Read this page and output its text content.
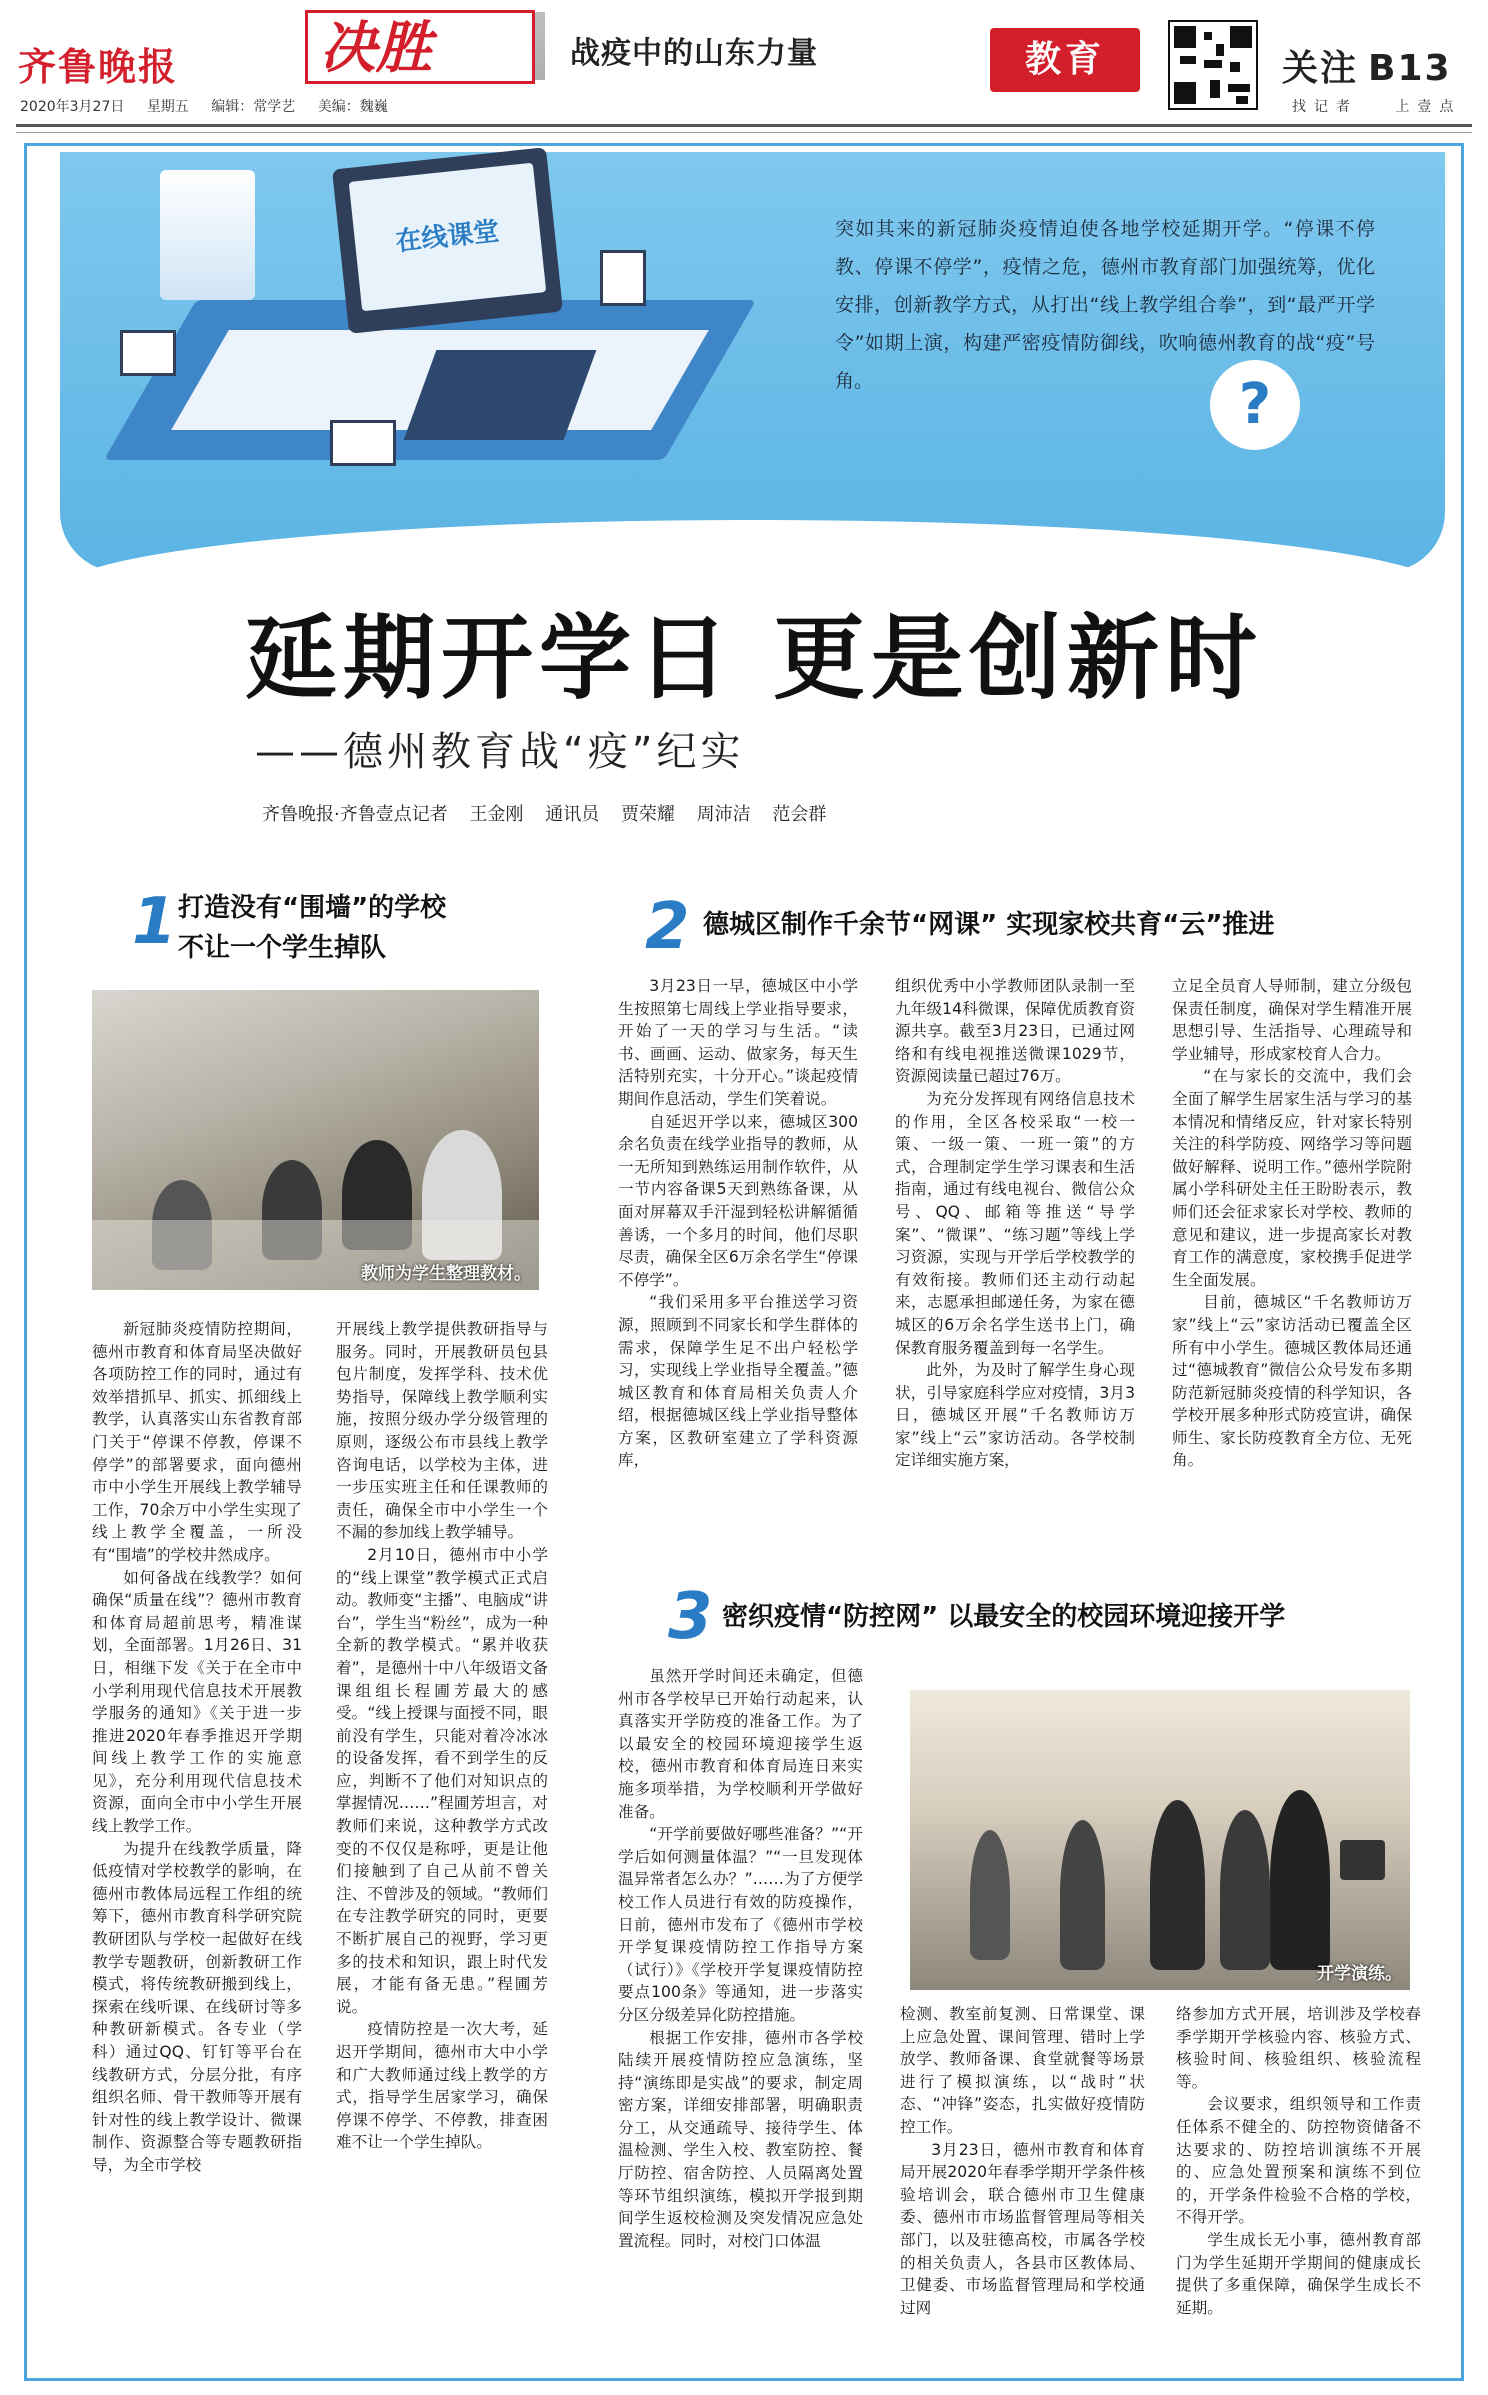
齐鲁晚报
2020年3月27日 星期五 编辑：常学艺 美编：魏巍
决胜	战疫中的山东力量	教育	关注 B13
找记者	上壹点
在线课堂
?
突如其来的新冠肺炎疫情迫使各地学校延期开学。“停课不停教、停课不停学”，疫情之危，德州市教育部门加强统筹，优化安排，创新教学方式，从打出“线上教学组合拳”，到“最严开学令”如期上演，构建严密疫情防御线，吹响德州教育的战“疫”号角。
延期开学日 更是创新时
——德州教育战“疫”纪实
齐鲁晚报·齐鲁壹点记者 王金刚 通讯员 贾荣耀 周沛洁 范会群
1 打造没有“围墙”的学校
不让一个学生掉队
教师为学生整理教材。

新冠肺炎疫情防控期间，德州市教育和体育局坚决做好各项防控工作的同时，通过有效举措抓早、抓实、抓细线上教学，认真落实山东省教育部门关于“停课不停教，停课不停学”的部署要求，面向德州市中小学生开展线上教学辅导工作，70余万中小学生实现了线上教学全覆盖，一所没有“围墙”的学校井然成序。

如何备战在线教学？如何确保“质量在线”？德州市教育和体育局超前思考，精准谋划，全面部署。1月26日、31日，相继下发《关于在全市中小学利用现代信息技术开展教学服务的通知》《关于进一步推进2020年春季推迟开学期间线上教学工作的实施意见》，充分利用现代信息技术资源，面向全市中小学生开展线上教学工作。

为提升在线教学质量，降低疫情对学校教学的影响，在德州市教体局远程工作组的统筹下，德州市教育科学研究院教研团队与学校一起做好在线教学专题教研，创新教研工作模式，将传统教研搬到线上，探索在线听课、在线研讨等多种教研新模式。各专业（学科）通过QQ、钉钉等平台在线教研方式，分层分批，有序组织名师、骨干教师等开展有针对性的线上教学设计、微课制作、资源整合等专题教研指导，为全市学校

开展线上教学提供教研指导与服务。同时，开展教研员包县包片制度，发挥学科、技术优势指导，保障线上教学顺利实施，按照分级办学分级管理的原则，逐级公布市县线上教学咨询电话，以学校为主体，进一步压实班主任和任课教师的责任，确保全市中小学生一个不漏的参加线上教学辅导。

2月10日，德州市中小学的“线上课堂”教学模式正式启动。教师变“主播”、电脑成“讲台”，学生当“粉丝”，成为一种全新的教学模式。“累并收获着”，是德州十中八年级语文备课组组长程圃芳最大的感受。“线上授课与面授不同，眼前没有学生，只能对着冷冰冰的设备发挥，看不到学生的反应，判断不了他们对知识点的掌握情况……”程圃芳坦言，对教师们来说，这种教学方式改变的不仅仅是称呼，更是让他们接触到了自己从前不曾关注、不曾涉及的领域。“教师们在专注教学研究的同时，更要不断扩展自己的视野，学习更多的技术和知识，跟上时代发展，才能有备无患。”程圃芳说。

疫情防控是一次大考，延迟开学期间，德州市大中小学和广大教师通过线上教学的方式，指导学生居家学习，确保停课不停学、不停教，排查困难不让一个学生掉队。

2 德城区制作千余节“网课” 实现家校共育“云”推进

3月23日一早，德城区中小学生按照第七周线上学业指导要求，开始了一天的学习与生活。“读书、画画、运动、做家务，每天生活特别充实，十分开心。”谈起疫情期间作息活动，学生们笑着说。

自延迟开学以来，德城区300余名负责在线学业指导的教师，从一无所知到熟练运用制作软件，从一节内容备课5天到熟练备课，从面对屏幕双手汗湿到轻松讲解循循善诱，一个多月的时间，他们尽职尽责，确保全区6万余名学生“停课不停学”。

“我们采用多平台推送学习资源，照顾到不同家长和学生群体的需求，保障学生足不出户轻松学习，实现线上学业指导全覆盖。”德城区教育和体育局相关负责人介绍，根据德城区线上学业指导整体方案，区教研室建立了学科资源库，

组织优秀中小学教师团队录制一至九年级14科微课，保障优质教育资源共享。截至3月23日，已通过网络和有线电视推送微课1029节，资源阅读量已超过76万。

为充分发挥现有网络信息技术的作用，全区各校采取“一校一策、一级一策、一班一策”的方式，合理制定学生学习课表和生活指南，通过有线电视台、微信公众号、QQ、邮箱等推送“导学案”、“微课”、“练习题”等线上学习资源，实现与开学后学校教学的有效衔接。教师们还主动行动起来，志愿承担邮递任务，为家在德城区的6万余名学生送书上门，确保教育服务覆盖到每一名学生。

此外，为及时了解学生身心现状，引导家庭科学应对疫情，3月3日，德城区开展“千名教师访万家”线上“云”家访活动。各学校制定详细实施方案，

立足全员育人导师制，建立分级包保责任制度，确保对学生精准开展思想引导、生活指导、心理疏导和学业辅导，形成家校育人合力。

“在与家长的交流中，我们会全面了解学生居家生活与学习的基本情况和情绪反应，针对家长特别关注的科学防疫、网络学习等问题做好解释、说明工作。”德州学院附属小学科研处主任王盼盼表示，教师们还会征求家长对学校、教师的意见和建议，进一步提高家长对教育工作的满意度，家校携手促进学生全面发展。

目前，德城区“千名教师访万家”线上“云”家访活动已覆盖全区所有中小学生。德城区教体局还通过“德城教育”微信公众号发布多期防范新冠肺炎疫情的科学知识，各学校开展多种形式防疫宣讲，确保师生、家长防疫教育全方位、无死角。

3 密织疫情“防控网” 以最安全的校园环境迎接开学

虽然开学时间还未确定，但德州市各学校早已开始行动起来，认真落实开学防疫的准备工作。为了以最安全的校园环境迎接学生返校，德州市教育和体育局连日来实施多项举措，为学校顺利开学做好准备。

“开学前要做好哪些准备？”“开学后如何测量体温？”“一旦发现体温异常者怎么办？”……为了方便学校工作人员进行有效的防疫操作，日前，德州市发布了《德州市学校开学复课疫情防控工作指导方案（试行）》《学校开学复课疫情防控要点100条》等通知，进一步落实分区分级差异化防控措施。

根据工作安排，德州市各学校陆续开展疫情防控应急演练，坚持“演练即是实战”的要求，制定周密方案，详细安排部署，明确职责分工，从交通疏导、接待学生、体温检测、学生入校、教室防控、餐厅防控、宿舍防控、人员隔离处置等环节组织演练，模拟开学报到期间学生返校检测及突发情况应急处置流程。同时，对校门口体温

开学演练。

检测、教室前复测、日常课堂、课上应急处置、课间管理、错时上学放学、教师备课、食堂就餐等场景进行了模拟演练，以“战时”状态、“冲锋”姿态，扎实做好疫情防控工作。

3月23日，德州市教育和体育局开展2020年春季学期开学条件核验培训会，联合德州市卫生健康委、德州市市场监督管理局等相关部门，以及驻德高校，市属各学校的相关负责人，各县市区教体局、卫健委、市场监督管理局和学校通过网

络参加方式开展，培训涉及学校春季学期开学核验内容、核验方式、核验时间、核验组织、核验流程等。

会议要求，组织领导和工作责任体系不健全的、防控物资储备不达要求的、防控培训演练不开展的、应急处置预案和演练不到位的，开学条件检验不合格的学校，不得开学。

学生成长无小事，德州教育部门为学生延期开学期间的健康成长提供了多重保障，确保学生成长不延期。
